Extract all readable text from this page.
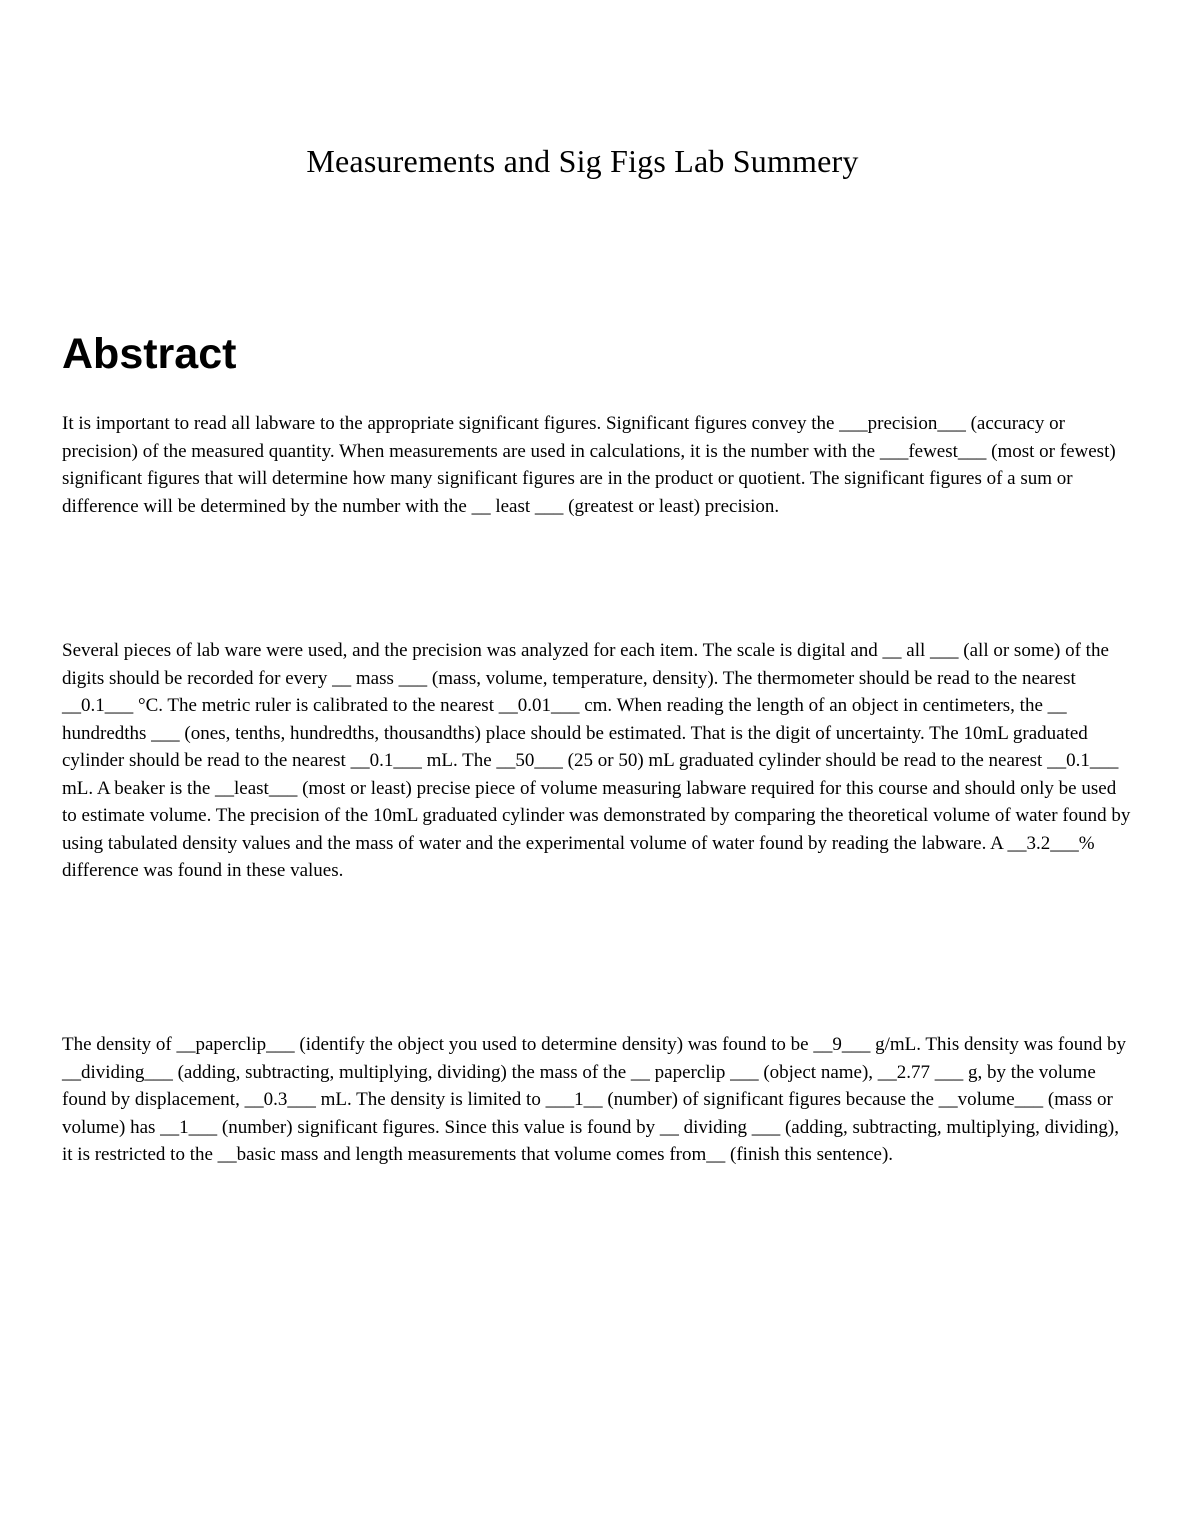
Measurements and Sig Figs Lab Summery
Abstract

It is important to read all labware to the appropriate significant figures. Significant figures convey the ___precision___ (accuracy or precision) of the measured quantity. When measurements are used in calculations, it is the number with the ___fewest___ (most or fewest) significant figures that will determine how many significant figures are in the product or quotient. The significant figures of a sum or difference will be determined by the number with the __ least ___ (greatest or least) precision.

Several pieces of lab ware were used, and the precision was analyzed for each item. The scale is digital and __ all ___ (all or some) of the digits should be recorded for every __ mass ___ (mass, volume, temperature, density). The thermometer should be read to the nearest __0.1___ °C. The metric ruler is calibrated to the nearest __0.01___ cm. When reading the length of an object in centimeters, the __ hundredths ___ (ones, tenths, hundredths, thousandths) place should be estimated. That is the digit of uncertainty. The 10mL graduated cylinder should be read to the nearest __0.1___ mL. The __50___ (25 or 50) mL graduated cylinder should be read to the nearest __0.1___ mL. A beaker is the __least___ (most or least) precise piece of volume measuring labware required for this course and should only be used to estimate volume. The precision of the 10mL graduated cylinder was demonstrated by comparing the theoretical volume of water found by using tabulated density values and the mass of water and the experimental volume of water found by reading the labware. A __3.2___% difference was found in these values.

The density of __paperclip___ (identify the object you used to determine density) was found to be __9___ g/mL. This density was found by __dividing___ (adding, subtracting, multiplying, dividing) the mass of the __ paperclip ___ (object name), __2.77 ___ g, by the volume found by displacement, __0.3___ mL. The density is limited to ___1__ (number) of significant figures because the __volume___ (mass or volume) has __1___ (number) significant figures. Since this value is found by __ dividing ___ (adding, subtracting, multiplying, dividing), it is restricted to the __basic mass and length measurements that volume comes from__ (finish this sentence).
